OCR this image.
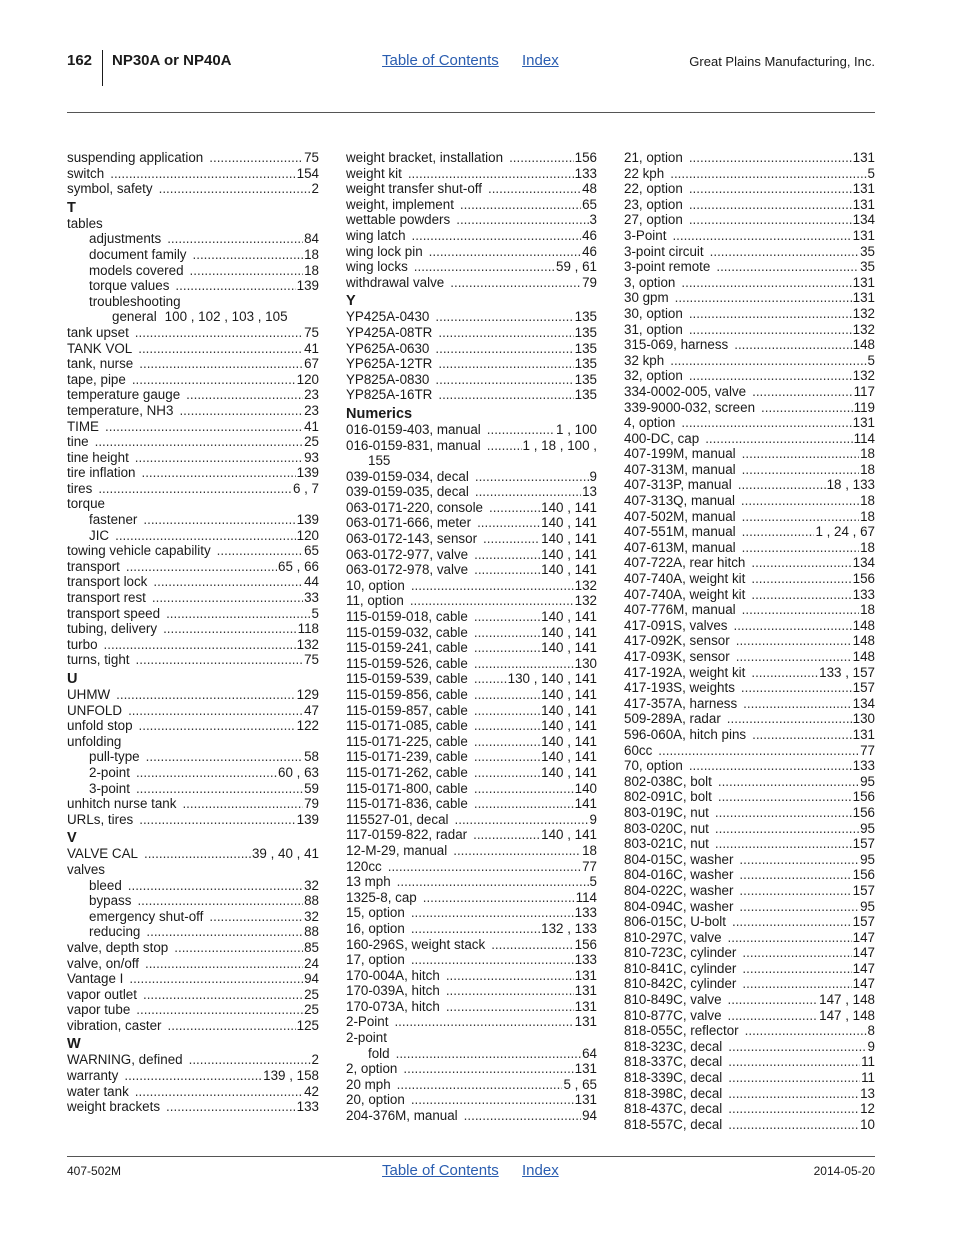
162 NP30A or NP40A	Table of Contents Index	Great Plains Manufacturing, Inc.
suspending application .....	75
switch .....	154
symbol, safety .....	2
T
tables
adjustments .....	84
document family .....	18
models covered .....	18
torque values .....	139
troubleshooting
general 100 , 102 , 103 , 105
tank upset .....	75
TANK VOL .....	41
tank, nurse .....	67
tape, pipe .....	120
temperature gauge .....	23
temperature, NH3 .....	23
TIME .....	41
tine .....	25
tine height .....	93
tire inflation .....	139
tires .....	6 , 7
torque
fastener .....	139
JIC .....	120
towing vehicle capability .....	65
transport .....	65 , 66
transport lock .....	44
transport rest .....	33
transport speed .....	5
tubing, delivery .....	118
turbo .....	132
turns, tight .....	75
U
UHMW .....	129
UNFOLD .....	47
unfold stop .....	122
unfolding
pull-type .....	58
2-point .....	60 , 63
3-point .....	59
unhitch nurse tank .....	79
URLs, tires .....	139
V
VALVE CAL .....	39 , 40 , 41
valves
bleed .....	32
bypass .....	88
emergency shut-off .....	32
reducing .....	88
valve, depth stop .....	85
valve, on/off .....	24
Vantage I .....	94
vapor outlet .....	25
vapor tube .....	25
vibration, caster .....	125
W
WARNING, defined .....	2
warranty .....	139 , 158
water tank .....	42
weight brackets .....	133
weight bracket, installation .....	156
weight kit .....	133
weight transfer shut-off .....	48
weight, implement .....	65
wettable powders .....	3
wing latch .....	46
wing lock pin .....	46
wing locks .....	59 , 61
withdrawal valve .....	79
Y
YP425A-0430 .....	135
YP425A-08TR .....	135
YP625A-0630 .....	135
YP625A-12TR .....	135
YP825A-0830 .....	135
YP825A-16TR .....	135
Numerics
016-0159-403, manual .....	1 , 100
016-0159-831, manual .....	1 , 18 , 100 ,
155
039-0159-034, decal .....	9
039-0159-035, decal .....	13
063-0171-220, console .....	140 , 141
063-0171-666, meter .....	140 , 141
063-0172-143, sensor .....	140 , 141
063-0172-977, valve .....	140 , 141
063-0172-978, valve .....	140 , 141
10, option .....	132
11, option .....	132
115-0159-018, cable .....	140 , 141
115-0159-032, cable .....	140 , 141
115-0159-241, cable .....	140 , 141
115-0159-526, cable .....	130
115-0159-539, cable .....	130 , 140 , 141
115-0159-856, cable .....	140 , 141
115-0159-857, cable .....	140 , 141
115-0171-085, cable .....	140 , 141
115-0171-225, cable .....	140 , 141
115-0171-239, cable .....	140 , 141
115-0171-262, cable .....	140 , 141
115-0171-800, cable .....	140
115-0171-836, cable .....	141
115527-01, decal .....	9
117-0159-822, radar .....	140 , 141
12-M-29, manual .....	18
120cc .....	77
13 mph .....	5
1325-8, cap .....	114
15, option .....	133
16, option .....	132 , 133
160-296S, weight stack .....	156
17, option .....	133
170-004A, hitch .....	131
170-039A, hitch .....	131
170-073A, hitch .....	131
2-Point .....	131
2-point
fold .....	64
2, option .....	131
20 mph .....	5 , 65
20, option .....	131
204-376M, manual .....	94
21, option .....	131
22 kph .....	5
22, option .....	131
23, option .....	131
27, option .....	134
3-Point .....	131
3-point circuit .....	35
3-point remote .....	35
3, option .....	131
30 gpm .....	131
30, option .....	132
31, option .....	132
315-069, harness .....	148
32 kph .....	5
32, option .....	132
334-0002-005, valve .....	117
339-9000-032, screen .....	119
4, option .....	131
400-DC, cap .....	114
407-199M, manual .....	18
407-313M, manual .....	18
407-313P, manual .....	18 , 133
407-313Q, manual .....	18
407-502M, manual .....	18
407-551M, manual .....	1 , 24 , 67
407-613M, manual .....	18
407-722A, rear hitch .....	134
407-740A, weight kit .....	156
407-740A, weight kit .....	133
407-776M, manual .....	18
417-091S, valves .....	148
417-092K, sensor .....	148
417-093K, sensor .....	148
417-192A, weight kit .....	133 , 157
417-193S, weights .....	157
417-357A, harness .....	134
509-289A, radar .....	130
596-060A, hitch pins .....	131
60cc .....	77
70, option .....	133
802-038C, bolt .....	95
802-091C, bolt .....	156
803-019C, nut .....	156
803-020C, nut .....	95
803-021C, nut .....	157
804-015C, washer .....	95
804-016C, washer .....	156
804-022C, washer .....	157
804-094C, washer .....	95
806-015C, U-bolt .....	157
810-297C, valve .....	147
810-723C, cylinder .....	147
810-841C, cylinder .....	147
810-842C, cylinder .....	147
810-849C, valve .....	147 , 148
810-877C, valve .....	147 , 148
818-055C, reflector .....	8
818-323C, decal .....	9
818-337C, decal .....	11
818-339C, decal .....	11
818-398C, decal .....	13
818-437C, decal .....	12
818-557C, decal .....	10
407-502M	Table of Contents Index	2014-05-20
